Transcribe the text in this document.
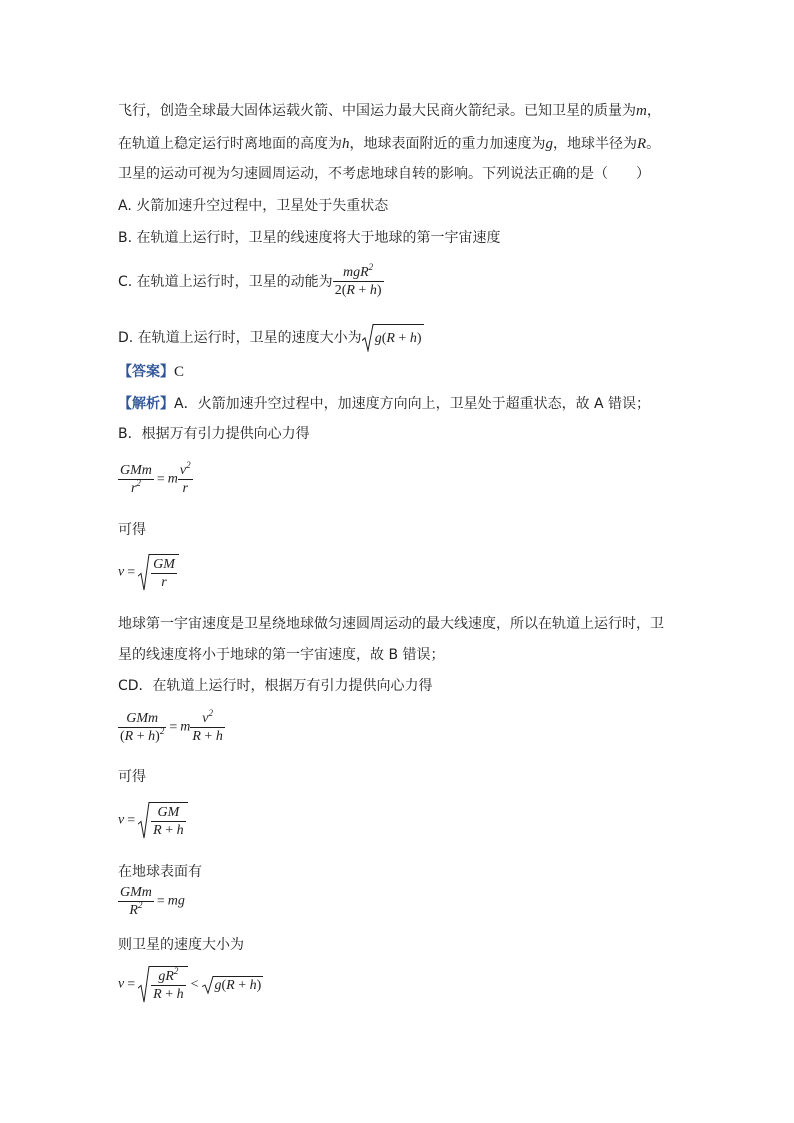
飞行，创造全球最大固体运载火箭、中国运力最大民商火箭纪录。已知卫星的质量为m，
在轨道上稳定运行时离地面的高度为h，地球表面附近的重力加速度为g，地球半径为R。
卫星的运动可视为匀速圆周运动，不考虑地球自转的影响。下列说法正确的是（　　）
A. 火箭加速升空过程中，卫星处于失重状态
B. 在轨道上运行时，卫星的线速度将大于地球的第一宇宙速度
C. 在轨道上运行时，卫星的动能为 $\frac{mgR^2}{2(R + h)}$
D. 在轨道上运行时，卫星的速度大小为 g(R + h)
【答案】C
【解析】A．火箭加速升空过程中，加速度方向向上，卫星处于超重状态，故 A 错误；
B．根据万有引力提供向心力得
$\frac{\text{GMm}}{r^2} = m \frac{v^2}{r}$
可得
$v = \frac{GM}{r}$
地球第一宇宙速度是卫星绕地球做匀速圆周运动的最大线速度，所以在轨道上运行时，卫
星的线速度将小于地球的第一宇宙速度，故 B 错误；
CD．在轨道上运行时，根据万有引力提供向心力得
$\frac{\text{GMm}}{(R + h)^2} = m \frac{v^2}{R + h}$
可得
$v = \frac{GM}{R + h}$
在地球表面有
$\frac{\text{GMm}}{R^2}$ = mg
则卫星的速度大小为
$v = \frac{gR^2}{R + h} < g(R + h)$
